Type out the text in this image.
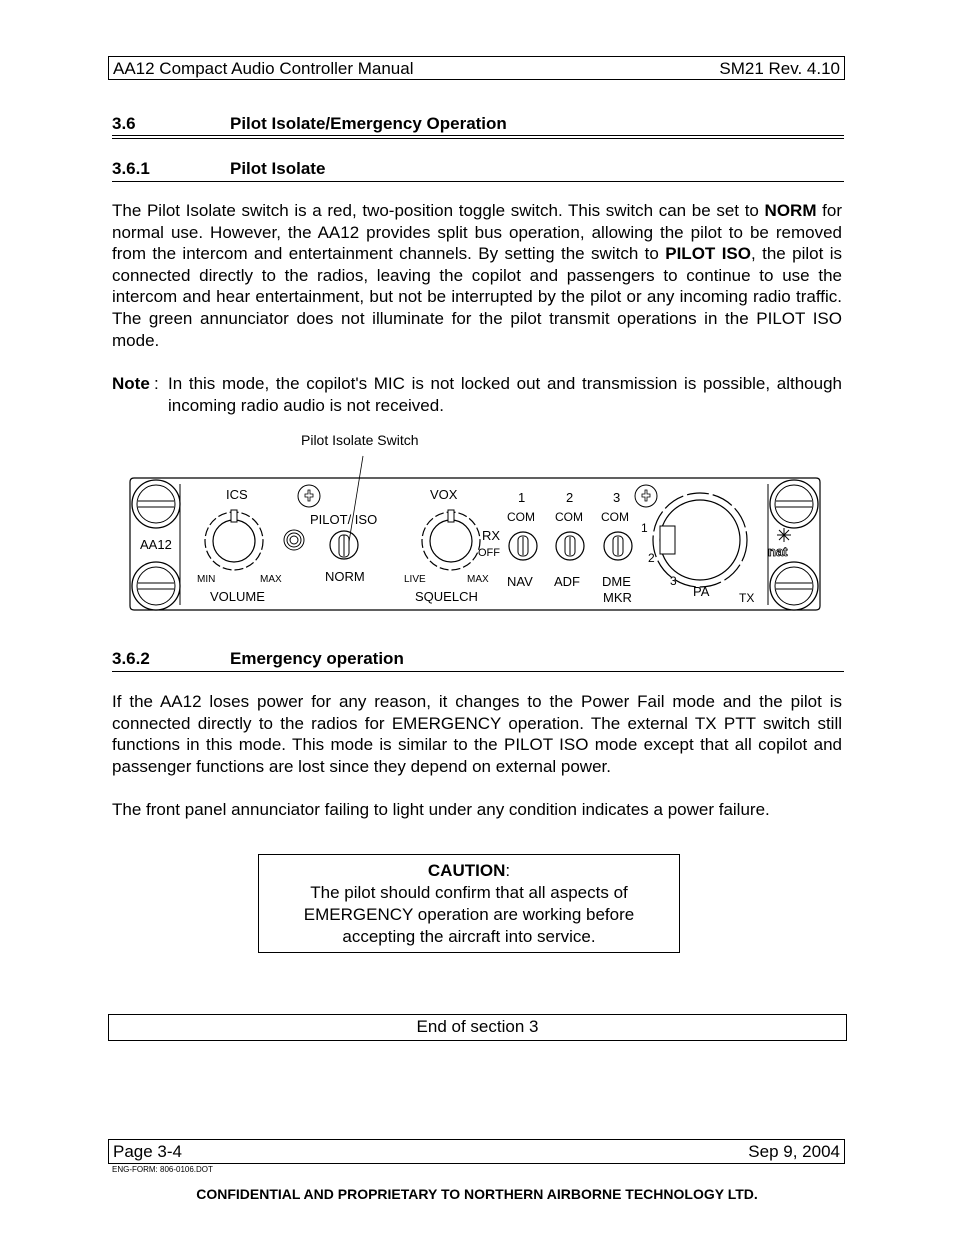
AA12 Compact Audio Controller Manual	SM21 Rev. 4.10
3.6	Pilot Isolate/Emergency Operation
3.6.1	Pilot Isolate

The Pilot Isolate switch is a red, two-position toggle switch. This switch can be set to NORM for normal use. However, the AA12 provides split bus operation, allowing the pilot to be removed from the intercom and entertainment channels. By setting the switch to PILOT ISO, the pilot is connected directly to the radios, leaving the copilot and passengers to continue to use the intercom and hear entertainment, but not be interrupted by the pilot or any incoming radio traffic. The green annunciator does not illuminate for the pilot transmit operations in the PILOT ISO mode.

Note : In this mode, the copilot's MIC is not locked out and transmission is possible, although incoming radio audio is not received.
Pilot Isolate Switch
AA12
ICS
MIN	MAX
VOLUME
PILOT/ ISO
NORM
VOX
LIVE	MAX
SQUELCH
RX
OFF
1	2	3
COM COM COM
NAV ADF DME
MKR
1
2
3
PA TX
nat
3.6.2	Emergency operation

If the AA12 loses power for any reason, it changes to the Power Fail mode and the pilot is connected directly to the radios for EMERGENCY operation. The external TX PTT switch still functions in this mode. This mode is similar to the PILOT ISO mode except that all copilot and passenger functions are lost since they depend on external power.

The front panel annunciator failing to light under any condition indicates a power failure.

CAUTION:

The pilot should confirm that all aspects of

EMERGENCY operation are working before

accepting the aircraft into service.

End of section 3
Page 3-4	Sep 9, 2004
ENG-FORM: 806-0106.DOT
CONFIDENTIAL AND PROPRIETARY TO NORTHERN AIRBORNE TECHNOLOGY LTD.
